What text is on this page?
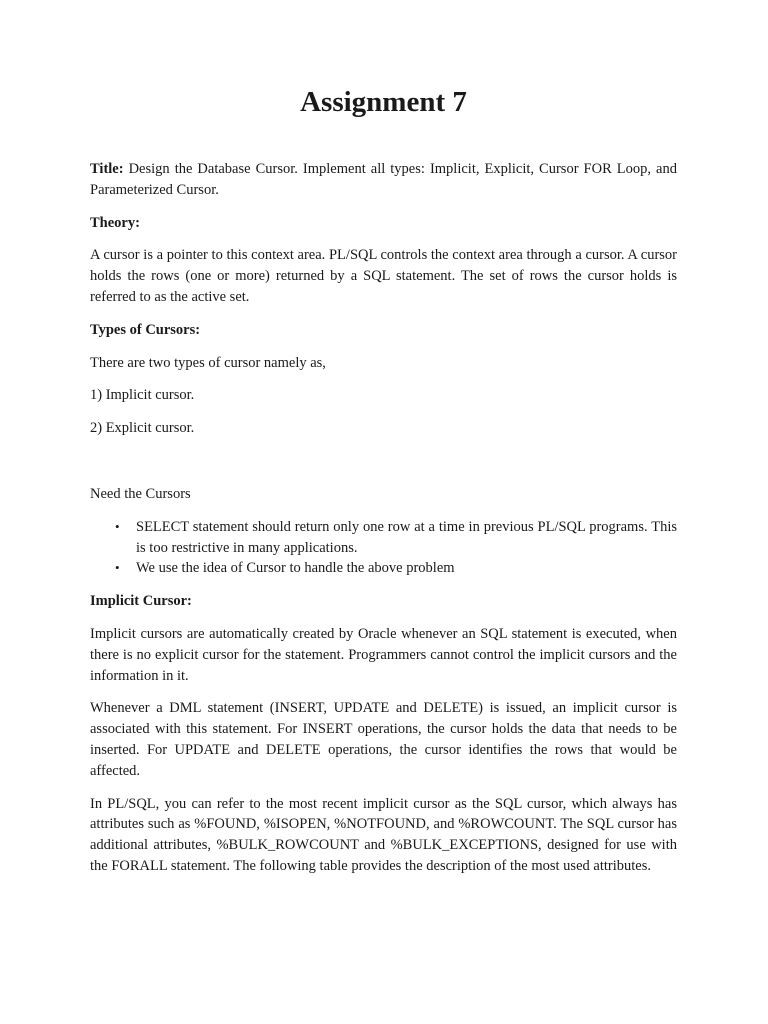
Assignment 7

Title: Design the Database Cursor. Implement all types: Implicit, Explicit, Cursor FOR Loop, and Parameterized Cursor.

Theory:

A cursor is a pointer to this context area. PL/SQL controls the context area through a cursor. A cursor holds the rows (one or more) returned by a SQL statement. The set of rows the cursor holds is referred to as the active set.

Types of Cursors:

There are two types of cursor namely as,

1) Implicit cursor.

2) Explicit cursor.

Need the Cursors

• SELECT statement should return only one row at a time in previous PL/SQL programs. This is too restrictive in many applications.
• We use the idea of Cursor to handle the above problem
Implicit Cursor:

Implicit cursors are automatically created by Oracle whenever an SQL statement is executed, when there is no explicit cursor for the statement. Programmers cannot control the implicit cursors and the information in it.

Whenever a DML statement (INSERT, UPDATE and DELETE) is issued, an implicit cursor is associated with this statement. For INSERT operations, the cursor holds the data that needs to be inserted. For UPDATE and DELETE operations, the cursor identifies the rows that would be affected.

In PL/SQL, you can refer to the most recent implicit cursor as the SQL cursor, which always has attributes such as %FOUND, %ISOPEN, %NOTFOUND, and %ROWCOUNT. The SQL cursor has additional attributes, %BULK_ROWCOUNT and %BULK_EXCEPTIONS, designed for use with the FORALL statement. The following table provides the description of the most used attributes.
